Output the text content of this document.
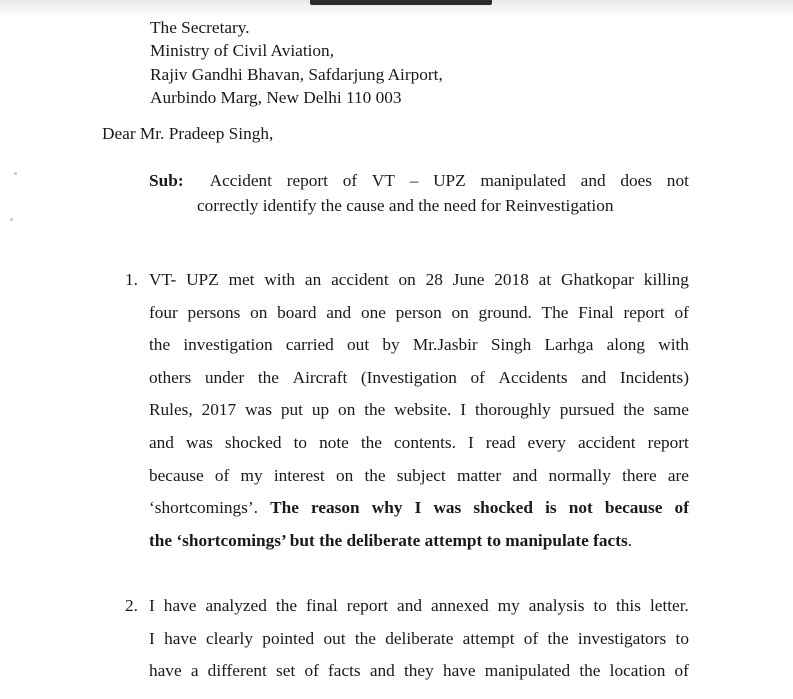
The Secretary.
Ministry of Civil Aviation,
Rajiv Gandhi Bhavan, Safdarjung Airport,
Aurbindo Marg, New Delhi 110 003
Dear Mr. Pradeep Singh,
Sub: Accident report of VT – UPZ manipulated and does not
correctly identify the cause and the need for Reinvestigation
1. VT- UPZ met with an accident on 28 June 2018 at Ghatkopar killing
four persons on board and one person on ground. The Final report of
the investigation carried out by Mr.Jasbir Singh Larhga along with
others under the Aircraft (Investigation of Accidents and Incidents)
Rules, 2017 was put up on the website. I thoroughly pursued the same
and was shocked to note the contents. I read every accident report
because of my interest on the subject matter and normally there are
‘shortcomings’. The reason why I was shocked is not because of
the ‘shortcomings’ but the deliberate attempt to manipulate facts .
2. I have analyzed the final report and annexed my analysis to this letter.
I have clearly pointed out the deliberate attempt of the investigators to
have a different set of facts and they have manipulated the location of
